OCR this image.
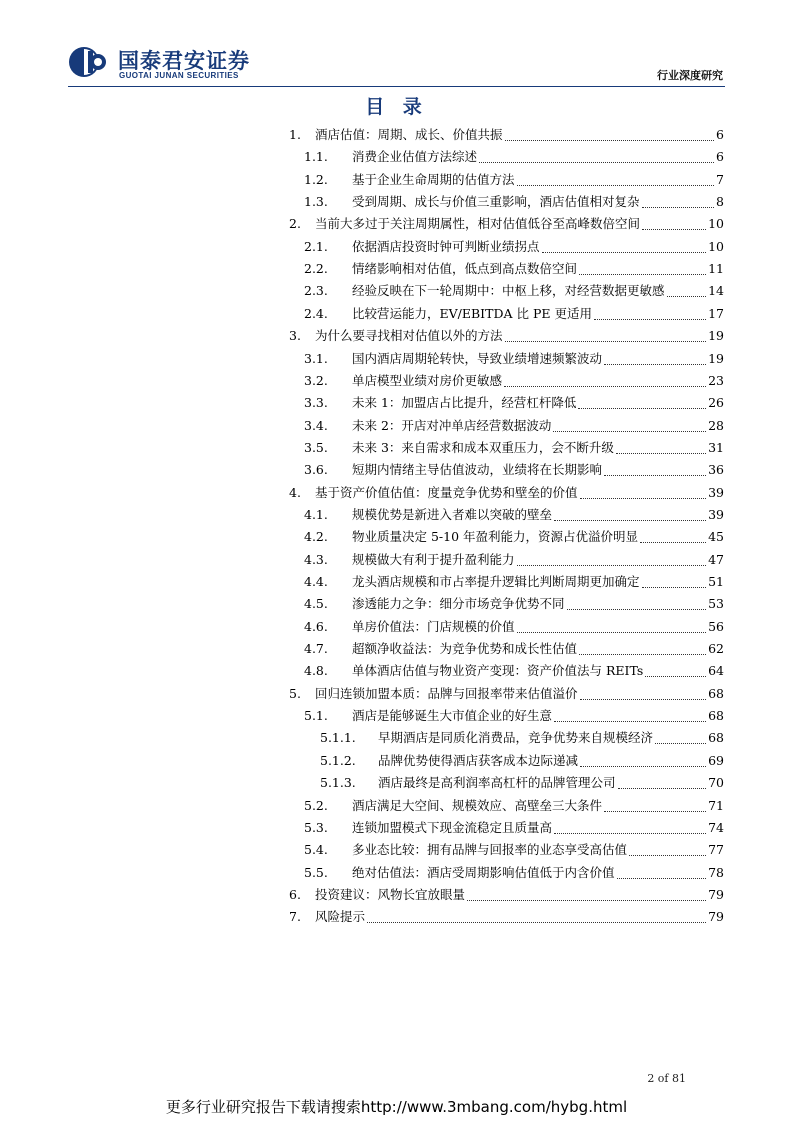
国泰君安证券
GUOTAI JUNAN SECURITIES	行业深度研究
目 录
1.	酒店估值：周期、成长、价值共振	6
1.1.	消费企业估值方法综述	6
1.2.	基于企业生命周期的估值方法	7
1.3.	受到周期、成长与价值三重影响，酒店估值相对复杂	8
2.	当前大多过于关注周期属性，相对估值低谷至高峰数倍空间	10
2.1.	依据酒店投资时钟可判断业绩拐点	10
2.2.	情绪影响相对估值，低点到高点数倍空间	11
2.3.	经验反映在下一轮周期中：中枢上移，对经营数据更敏感	14
2.4.	比较营运能力，EV/EBITDA 比 PE 更适用	17
3.	为什么要寻找相对估值以外的方法	19
3.1.	国内酒店周期轮转快，导致业绩增速频繁波动	19
3.2.	单店模型业绩对房价更敏感	23
3.3.	未来 1：加盟店占比提升，经营杠杆降低	26
3.4.	未来 2：开店对冲单店经营数据波动	28
3.5.	未来 3：来自需求和成本双重压力，会不断升级	31
3.6.	短期内情绪主导估值波动，业绩将在长期影响	36
4.	基于资产价值估值：度量竞争优势和壁垒的价值	39
4.1.	规模优势是新进入者难以突破的壁垒	39
4.2.	物业质量决定 5-10 年盈利能力，资源占优溢价明显	45
4.3.	规模做大有利于提升盈利能力	47
4.4.	龙头酒店规模和市占率提升逻辑比判断周期更加确定	51
4.5.	渗透能力之争：细分市场竞争优势不同	53
4.6.	单房价值法：门店规模的价值	56
4.7.	超额净收益法：为竞争优势和成长性估值	62
4.8.	单体酒店估值与物业资产变现：资产价值法与 REITs	64
5.	回归连锁加盟本质：品牌与回报率带来估值溢价	68
5.1.	酒店是能够诞生大市值企业的好生意	68
5.1.1.	早期酒店是同质化消费品，竞争优势来自规模经济	68
5.1.2.	品牌优势使得酒店获客成本边际递减	69
5.1.3.	酒店最终是高利润率高杠杆的品牌管理公司	70
5.2.	酒店满足大空间、规模效应、高壁垒三大条件	71
5.3.	连锁加盟模式下现金流稳定且质量高	74
5.4.	多业态比较：拥有品牌与回报率的业态享受高估值	77
5.5.	绝对估值法：酒店受周期影响估值低于内含价值	78
6.	投资建议：风物长宜放眼量	79
7.	风险提示	79
2 of 81
更多行业研究报告下载请搜索http://www.3mbang.com/hybg.html
